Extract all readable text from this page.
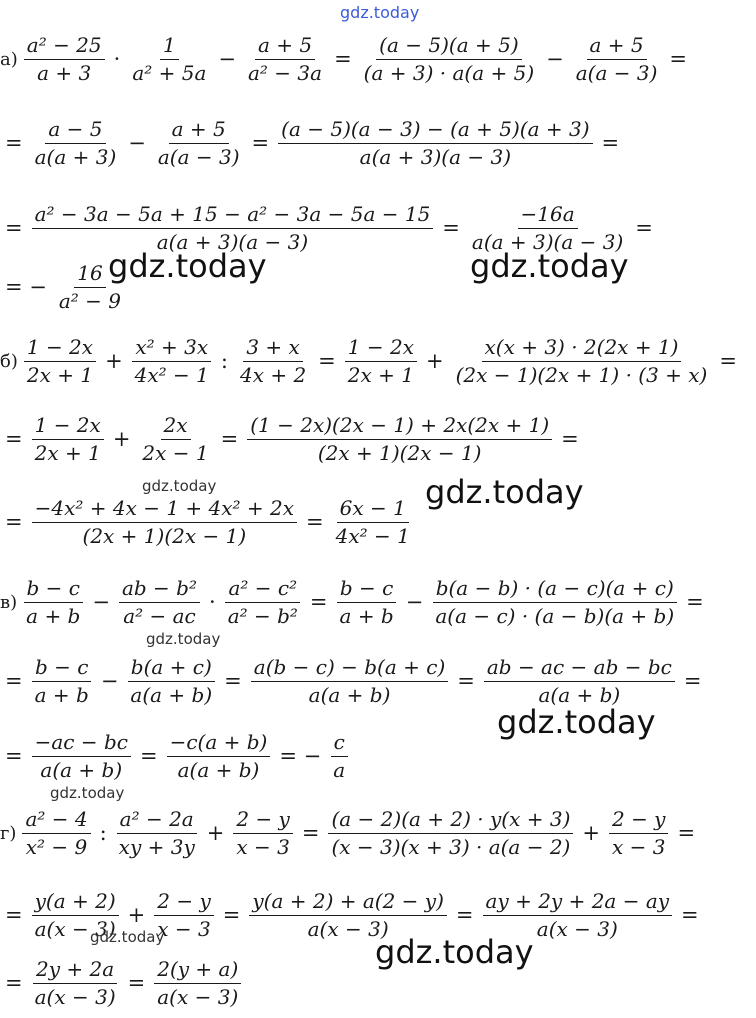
$а) \frac{\text{a² − 25}}{a + 3} \cdot \frac{1}{\text{a² + 5a}} - \frac{a + 5}{\text{a² − 3a}} = \frac{(a - 5)(a + 5)}{(a + 3) \cdot a(a + 5)} - \frac{a + 5}{a(a - 3)}$ =
= $\frac{a - 5}{a(a + 3)} - \frac{a + 5}{a(a - 3)} = \frac{(a - 5)(a - 3) - (a + 5)(a + 3)}{a(a + 3)(a - 3)}$ =
= $\frac{\text{a² − 3a − 5a + 15 − a² − 3a − 5a − 15}}{a(a + 3)(a - 3)} = \frac{-16a}{a(a + 3)(a - 3)}$ =
= − $\frac{16}{\text{a² − 9}}$
$б) \frac{1 - 2x}{2x + 1} + \frac{\text{x² + 3x}}{\text{4x² − 1}}$ : $\frac{3 + x}{4x + 2} = \frac{1 - 2x}{2x + 1} + \frac{x(x + 3) \cdot 2(2x + 1)}{(2x - 1)(2x + 1) \cdot (3 + x)}$ =
= $\frac{1 - 2x}{2x + 1} + \frac{2x}{2x - 1} = \frac{(1 - 2x)(2x - 1) + 2x(2x + 1)}{(2x + 1)(2x - 1)}$ =
= $\frac{\text{−4x² + 4x − 1 + 4x² + 2x}}{(2x + 1)(2x - 1)} = \frac{6x - 1}{\text{4x² − 1}}$
$в) \frac{b - c}{a + b} - \frac{\text{ab − b²}}{\text{a² − ac}} \cdot \frac{\text{a² − c²}}{\text{a² − b²}} = \frac{b - c}{a + b} - \frac{b(a - b) \cdot (a - c)(a + c)}{a(a - c) \cdot (a - b)(a + b)}$ =
= $\frac{b - c}{a + b} - \frac{b(a + c)}{a(a + b)} = \frac{a(b - c) - b(a + c)}{a(a + b)} = \frac{ab - ac - ab - bc}{a(a + b)}$ =
= $\frac{-ac - bc}{a(a + b)} = \frac{-c(a + b)}{a(a + b)}$ = − $\frac{c}{a}$
$г) \frac{\text{a² − 4}}{\text{x² − 9}}$ : $\frac{\text{a² − 2a}}{xy + 3y} + \frac{2 - y}{x - 3} = \frac{(a - 2)(a + 2) \cdot y(x + 3)}{(x - 3)(x + 3) \cdot a(a - 2)} + \frac{2 - y}{x - 3}$ =
= $\frac{y(a + 2)}{a(x - 3)} + \frac{2 - y}{x - 3} = \frac{y(a + 2) + a(2 - y)}{a(x - 3)} = \frac{ay + 2y + 2a - ay}{a(x - 3)}$ =
= $\frac{2y + 2a}{a(x - 3)} = \frac{2(y + a)}{a(x - 3)}$
gdz.today
gdz.today	gdz.today
gdz.today
gdz.today
gdz.today
gdz.today
gdz.today
gdz.today
gdz.today
